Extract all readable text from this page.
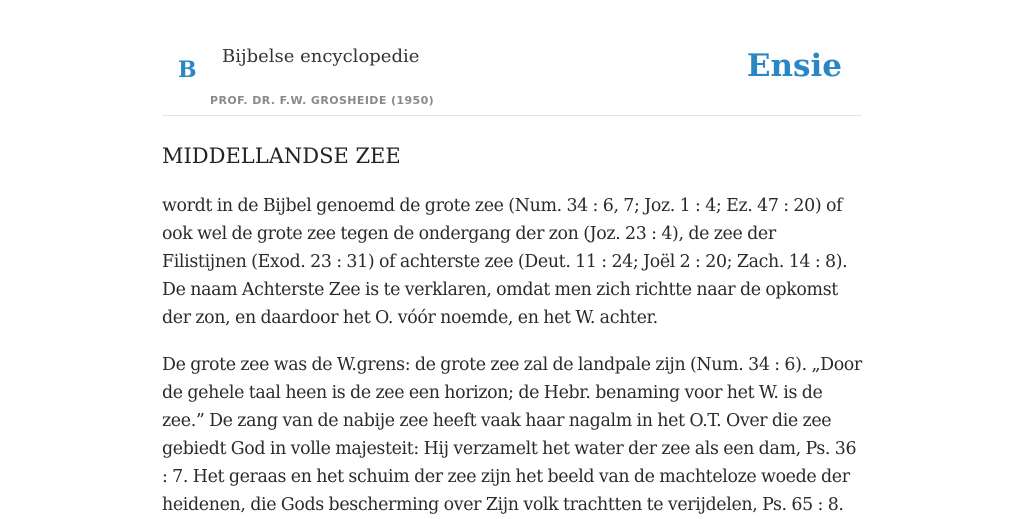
B
Bijbelse encyclopedie
PROF. DR. F.W. GROSHEIDE (1950)
Ensie
MIDDELLANDSE ZEE

wordt in de Bijbel genoemd de grote zee (Num. 34 : 6, 7; Joz. 1 : 4; Ez. 47 : 20) of ook wel de grote zee tegen de ondergang der zon (Joz. 23 : 4), de zee der Filistijnen (Exod. 23 : 31) of achterste zee (Deut. 11 : 24; Joël 2 : 20; Zach. 14 : 8). De naam Achterste Zee is te verklaren, omdat men zich richtte naar de opkomst der zon, en daardoor het O. vóór noemde, en het W. achter.

De grote zee was de W.grens: de grote zee zal de landpale zijn (Num. 34 : 6). „Door de gehele taal heen is de zee een horizon; de Hebr. benaming voor het W. is de zee.” De zang van de nabije zee heeft vaak haar nagalm in het O.T. Over die zee gebiedt God in volle majesteit: Hij verzamelt het water der zee als een dam, Ps. 36 : 7. Het geraas en het schuim der zee zijn het beeld van de machteloze woede der heidenen, die Gods bescherming over Zijn volk trachtten te verijdelen, Ps. 65 : 8.
